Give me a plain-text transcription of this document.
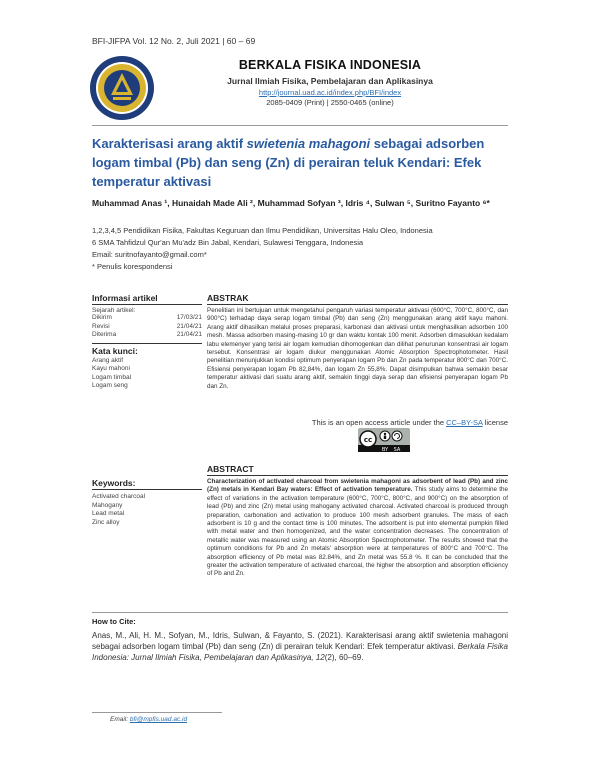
BFI-JIFPA Vol. 12 No. 2, Juli 2021 | 60 – 69
BERKALA FISIKA INDONESIA
Jurnal Ilmiah Fisika, Pembelajaran dan Aplikasinya
http://journal.uad.ac.id/index.php/BFI/index
2085-0409 (Print) | 2550-0465 (online)
Karakterisasi arang aktif swietenia mahagoni sebagai adsorben logam timbal (Pb) dan seng (Zn) di perairan teluk Kendari: Efek temperatur aktivasi
Muhammad Anas ¹, Hunaidah Made Ali ², Muhammad Sofyan ³, Idris ⁴, Sulwan ⁵, Suritno Fayanto ⁶*
1,2,3,4,5 Pendidikan Fisika, Fakultas Keguruan dan Ilmu Pendidikan, Universitas Halu Oleo, Indonesia
6 SMA Tahfidzul Qur'an Mu'adz Bin Jabal, Kendari, Sulawesi Tenggara, Indonesia
Email: suritnofayanto@gmail.com*
* Penulis korespondensi
Informasi artikel
Sejarah artikel:
Dikirim	17/03/21
Revisi	21/04/21
Diterima	21/04/21
Kata kunci:
Arang aktif
Kayu mahoni
Logam timbal
Logam seng
ABSTRAK
Penelitian ini bertujuan untuk mengetahui pengaruh variasi temperatur aktivasi (600°C, 700°C, 800°C, dan 900°C) terhadap daya serap logam timbal (Pb) dan seng (Zn) menggunakan arang aktif kayu mahoni. Arang aktif dihasilkan melalui proses preparasi, karbonasi dan aktivasi untuk menghasilkan adsorben 100 mesh. Massa adsorben masing-masing 10 gr dan waktu kontak 100 menit. Adsorben dimasukkan kedalam labu elemenyer yang terisi air logam kemudian dihomogenkan dan dilihat penurunan konsentrasi air logam tersebut. Konsentrasi air logam diukur menggunakan Atomic Absorption Spectrophotometer. Hasil penelitian menunjukkan kondisi optimum penyerapan logam Pb dan Zn pada temperatur 800°C dan 700°C. Efisiensi penyerapan logam Pb 82,84%, dan logam Zn 55,8%. Dapat disimpulkan bahwa semakin besar temperatur aktivasi dari suatu arang aktif, semakin tinggi daya serap dan efisiensi penyerapan logam Pb dan Zn.
This is an open access article under the CC–BY-SA license
cc
BY SA
ABSTRACT
Characterization of activated charcoal from swietenia mahagoni as adsorbent of lead (Pb) and zinc (Zn) metals in Kendari Bay waters: Effect of activation temperature. This study aims to determine the effect of variations in the activation temperature (600°C, 700°C, 800°C, and 900°C) on the absorption of lead (Pb) and zinc (Zn) metal using mahogany activated charcoal. Activated charcoal is produced through preparation, carbonation and activation to produce 100 mesh adsorbent granules. The mass of each adsorbent is 10 g and the contact time is 100 minutes. The adsorbent is put into elemental pumpkin filled with metal water and then homogenized, and the water concentration decreases. The concentration of metallic water was measured using an Atomic Absorption Spectrophotometer. The results showed that the optimum conditions for Pb and Zn metals' absorption were at temperatures of 800°C and 700°C. The absorption efficiency of Pb metal was 82.84%, and Zn metal was 55.8 %. It can be concluded that the greater the activation temperature of activated charcoal, the higher the absorption and absorption efficiency of Pb and Zn.
Keywords:
Activated charcoal
Mahogany
Lead metal
Zinc alloy
How to Cite:
Anas, M., Ali, H. M., Sofyan, M., Idris, Sulwan, & Fayanto, S. (2021). Karakterisasi arang aktif swietenia mahagoni sebagai adsorben logam timbal (Pb) dan seng (Zn) di perairan teluk Kendari: Efek temperatur aktivasi. Berkala Fisika Indonesia: Jurnal Ilmiah Fisika, Pembelajaran dan Aplikasinya, 12(2), 60–69.
Email: bfi@mpfis.uad.ac.id
